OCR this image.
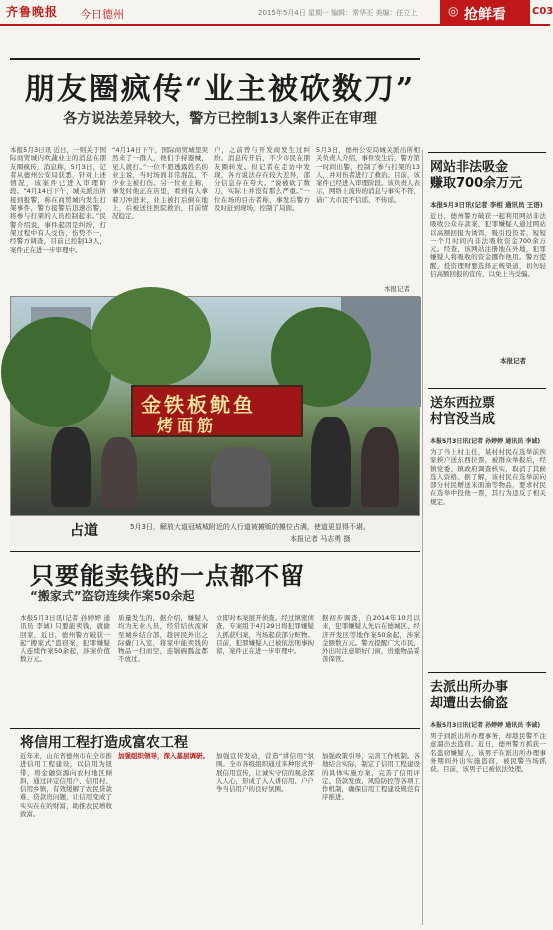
齐鲁晚报 今日德州	2015年5月4日 星期一 编辑：常华丕 美编：任立上	◎ 抢鲜看	C03
朋友圈疯传“业主被砍数刀”
各方说法差异较大，警方已控制13人案件正在审理
本报5月3日讯 近日，一则关于国际商贸城内吹蔬业主的消息在朋友圈疯传，消息称，5月3日，记者从德州公安局获悉，针对上述情况，该案件已进入审理阶段。“4月14日下午，城关派出所接到报警，称在商贸城内发生打架事件，警方接警后迅速出警，将参与打架的人员控制起来。”民警介绍说，事件起因是纠纷，打架过程中有人受伤，伤势不一，经警方调查，目前已控制13人，案件正在进一步审理中。
“4月14日下午，国际商贸城里突然来了一群人，他们手持器械，见人就打。”一位不愿透露姓名的业主说，当时场面非常混乱，不少业主被打伤。另一位业主称，事发时他正在店里，看到有人拿着刀冲进来，业主被打后倒在地上，后被送往医院救治，目前情况稳定。
户，之前曾与开发商发生过纠纷。消息传开后，不少市民在朋友圈转发。但记者在走访中发现，各方说法存在较大差异，部分信息存在夸大。“说被砍了数刀，实际上并没有那么严重。”一位在场的目击者称，事发后警方及时赶到现场，控制了局面。
5月3日，德州公安局城关派出所相关负责人介绍，事件发生后，警方第一时间出警，控制了参与打架的13人，并对伤者进行了救治。目前，该案件已经进入审理阶段。该负责人表示，网络上流传的消息与事实不符，请广大市民不信谣、不传谣。
本报记者
金铁板鱿鱼
烤面筋
占道	5月3日，解放大道冠城城附近的人行道被摊贩的摊位占满，使道更显得不堪。
本报记者 马志勇 摄
只要能卖钱的一点都不留
“搬家式”盗窃连续作案50余起
本报5月3日讯(记者 孙婷婷 通讯员 李诚) 只要能卖钱，就偷回家，近日，德州警方破获一起“搬家式”盗窃案，犯罪嫌疑人连续作案50余起，涉案价值数万元。
质量发生的，据介绍，嫌疑人均为无业人员，经常结伙流窜至城乡结合部，趁居民外出之际撬门入室，将家中能卖钱的物品一扫而空，连锅碗瓢盆都不放过。
立即对本案展开侦查。经过缜密侦查，专案组于4月29日将犯罪嫌疑人抓获归案，当场起获部分赃物。目前，犯罪嫌疑人已被依法刑事拘留，案件正在进一步审理中。
据初步调查，自2014年10月以来，犯罪嫌疑人先后在德城区、经济开发区等地作案50余起，涉案金额数万元。警方提醒广大市民，外出时注意锁好门窗，贵重物品妥善保管。
将信用工程打造成富农工程
近年来，山东省德州市在全市推进信用工程建设，以信用为纽带，将金融资源向农村地区倾斜，通过评定信用户、信用村、信用乡镇，有效缓解了农民贷款难、贷款贵问题，让信用变成了实实在在的财富，助推农民增收致富。
加强组织领导，深入基层调研。 加强宣传发动，营造“讲信用”氛围。全市各级组织通过多种形式开展信用宣传，让诚实守信的观念深入人心，形成了人人讲信用、户户争当信用户的良好氛围。
加强政策引导，完善工作机制。各地结合实际，制定了信用工程建设的具体实施方案，完善了信用评定、贷款发放、风险防控等各项工作机制，确保信用工程建设规范有序推进。
网站非法吸金
赚取700余万元
本报5月3日讯(记者 李相 通讯员 王语)
近日，德州警方破获一起利用网站非法吸收公众存款案，犯罪嫌疑人通过网站以高额回报为诱饵，吸引投资者，短短一个月时间内非法吸收资金700余万元。经查，该网站注册地在外地，犯罪嫌疑人将吸收的资金挪作他用。警方提醒，投资理财要选择正规渠道，切勿轻信高额回报的宣传，以免上当受骗。
本报记者
送东西拉票
村官没当成
本报5月3日讯(记者 孙婷婷 通讯员 李诚)
为了当上村主任，某村村民在选举前挨家挨户送东西拉票，被群众举报后，经镇党委、镇政府调查核实，取消了其候选人资格。据了解，该村民在选举前向部分村民赠送米面油等物品，要求村民在选举中投他一票，其行为违反了相关规定。
去派出所办事
却遭出去偷盗
本报5月3日讯(记者 孙婷婷 通讯员 李诚)
男子到派出所办理事务，却趁民警不注意溜出去盗窃。近日，德州警方抓获一名盗窃嫌疑人，该男子在派出所办理事务期间外出实施盗窃，被民警当场抓获。目前，该男子已被依法处理。
